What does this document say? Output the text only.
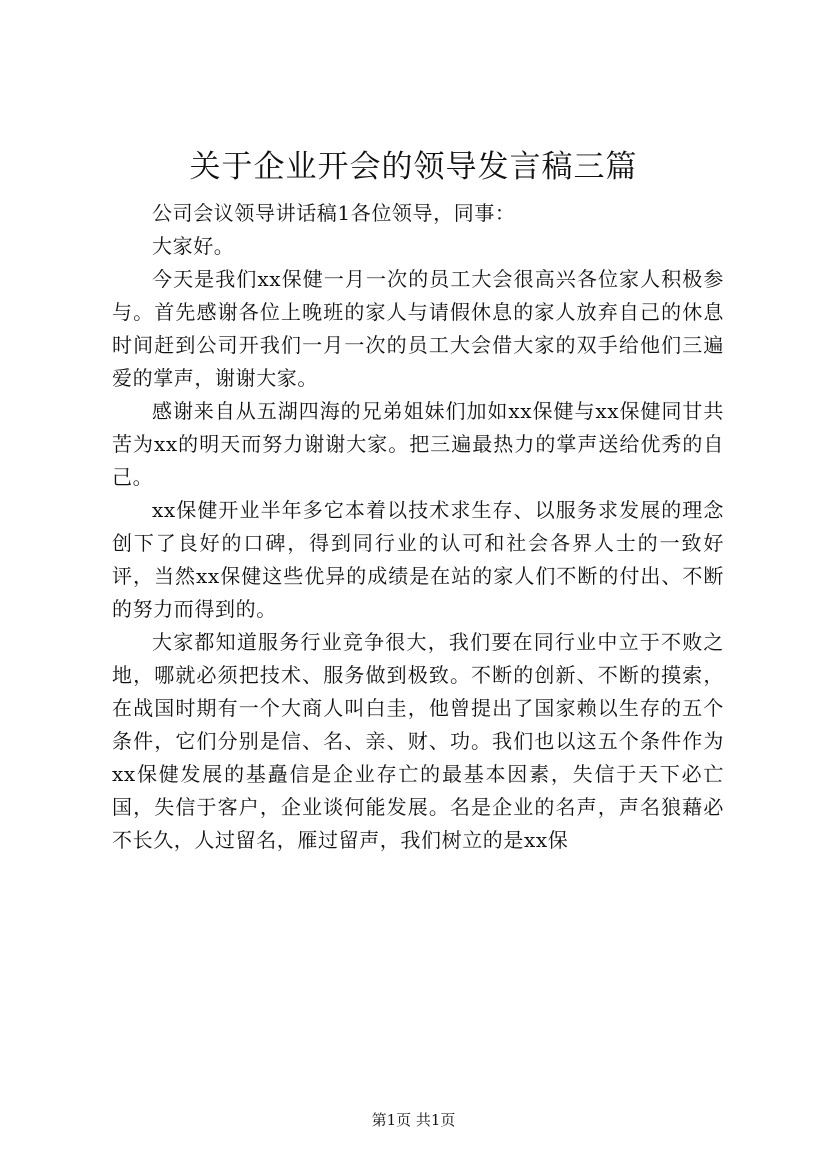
关于企业开会的领导发言稿三篇

公司会议领导讲话稿1各位领导，同事：

大家好。

今天是我们xx保健一月一次的员工大会很高兴各位家人积极参与。首先感谢各位上晚班的家人与请假休息的家人放弃自己的休息时间赶到公司开我们一月一次的员工大会借大家的双手给他们三遍爱的掌声，谢谢大家。

感谢来自从五湖四海的兄弟姐妹们加如xx保健与xx保健同甘共苦为xx的明天而努力谢谢大家。把三遍最热力的掌声送给优秀的自己。

xx保健开业半年多它本着以技术求生存、以服务求发展的理念创下了良好的口碑，得到同行业的认可和社会各界人士的一致好评，当然xx保健这些优异的成绩是在站的家人们不断的付出、不断的努力而得到的。

大家都知道服务行业竞争很大，我们要在同行业中立于不败之地，哪就必须把技术、服务做到极致。不断的创新、不断的摸索，在战国时期有一个大商人叫白圭，他曾提出了国家赖以生存的五个条件，它们分别是信、名、亲、财、功。我们也以这五个条件作为xx保健发展的基矗信是企业存亡的最基本因素，失信于天下必亡国，失信于客户，企业谈何能发展。名是企业的名声，声名狼藉必不长久，人过留名，雁过留声，我们树立的是xx保

第1页 共1页
